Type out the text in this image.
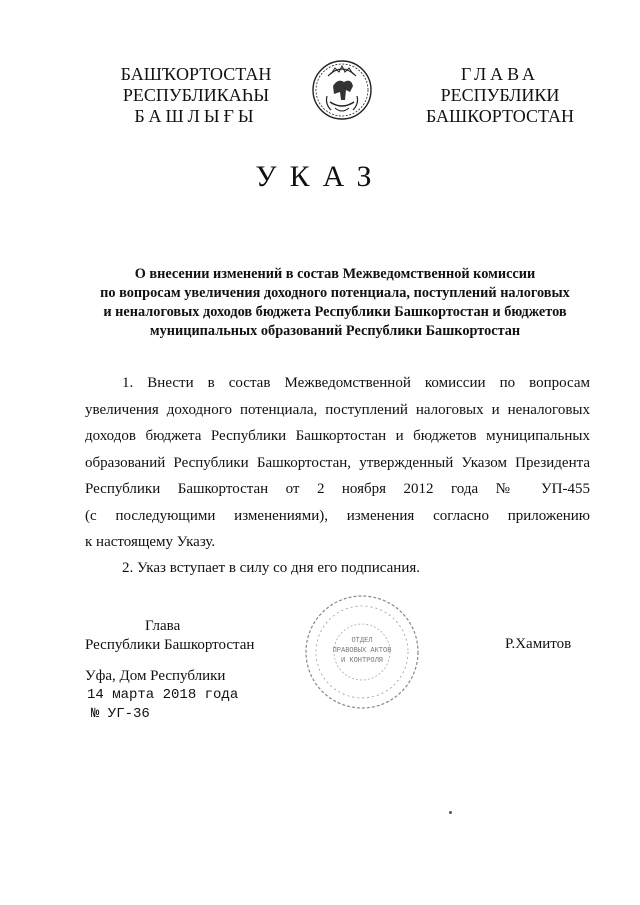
БАШҠОРТОСТАН
РЕСПУБЛИКАҺЫ
БАШЛЫҒЫ
ГЛАВА
РЕСПУБЛИКИ
БАШКОРТОСТАН
УКАЗ
О внесении изменений в состав Межведомственной комиссии
по вопросам увеличения доходного потенциала, поступлений налоговых
и неналоговых доходов бюджета Республики Башкортостан и бюджетов
муниципальных образований Республики Башкортостан
1. Внести в состав Межведомственной комиссии по вопросам
увеличения доходного потенциала, поступлений налоговых и неналоговых
доходов бюджета Республики Башкортостан и бюджетов муниципальных
образований Республики Башкортостан, утвержденный Указом Президента
Республики Башкортостан от 2 ноября 2012 года № УП-455
(с последующими изменениями), изменения согласно приложению
к настоящему Указу.
2. Указ вступает в силу со дня его подписания.
ОТДЕЛ
ПРАВОВЫХ АКТОВ
И КОНТРОЛЯ
Глава
Республики Башкортостан	Р.Хамитов
Уфа, Дом Республики
14 марта 2018 года
№ УГ-36
